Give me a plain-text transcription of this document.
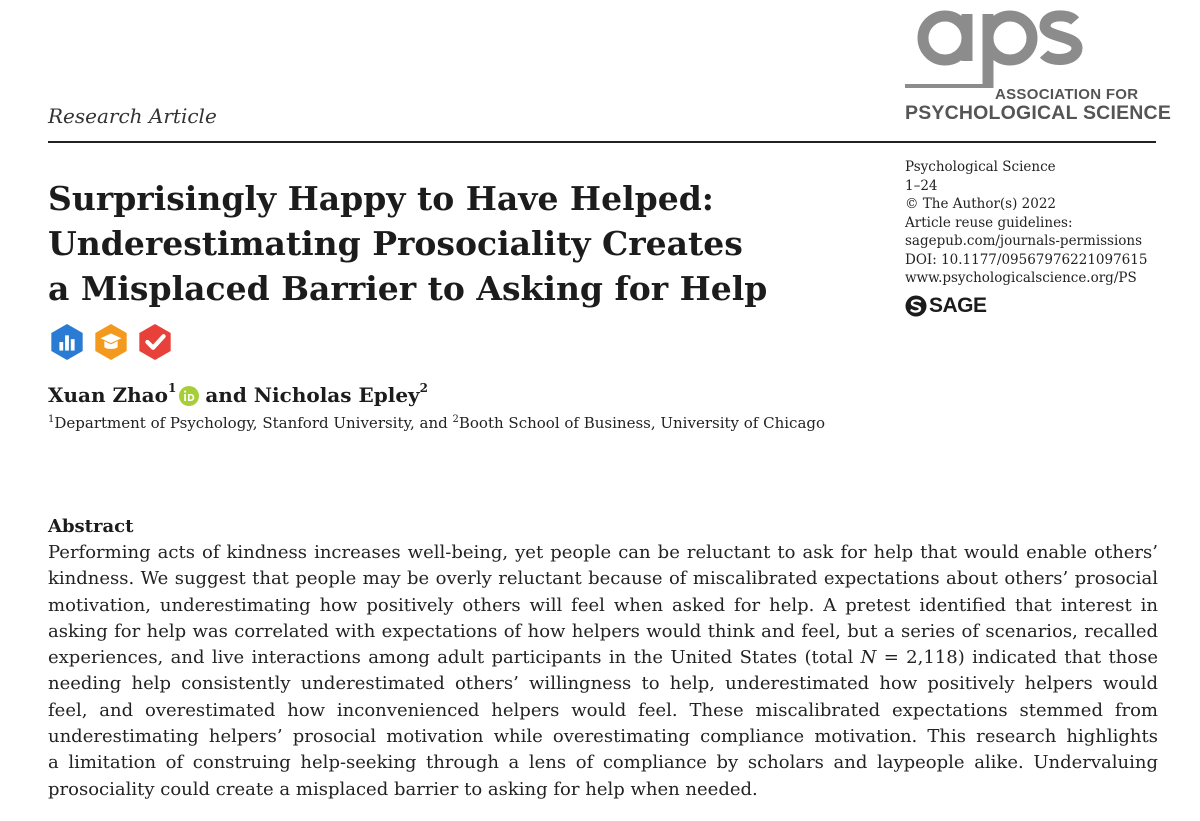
Research Article
ASSOCIATION FOR
PSYCHOLOGICAL SCIENCE
Surprisingly Happy to Have Helped:
Underestimating Prosociality Creates
a Misplaced Barrier to Asking for Help
Psychological Science
1–24
© The Author(s) 2022
Article reuse guidelines:
sagepub.com/journals-permissions
DOI: 10.1177/09567976221097615
www.psychologicalscience.org/PS
SAGE
Xuan Zhao$^1$ and Nicholas Epley$^2$
$^1$Department of Psychology, Stanford University, and $^2$Booth School of Business, University of Chicago
Abstract
Performing acts of kindness increases well-being, yet people can be reluctant to ask for help that would enable others’
kindness. We suggest that people may be overly reluctant because of miscalibrated expectations about others’ prosocial
motivation, underestimating how positively others will feel when asked for help. A pretest identified that interest in
asking for help was correlated with expectations of how helpers would think and feel, but a series of scenarios, recalled
experiences, and live interactions among adult participants in the United States (total N = 2,118) indicated that those
needing help consistently underestimated others’ willingness to help, underestimated how positively helpers would
feel, and overestimated how inconvenienced helpers would feel. These miscalibrated expectations stemmed from
underestimating helpers’ prosocial motivation while overestimating compliance motivation. This research highlights
a limitation of construing help-seeking through a lens of compliance by scholars and laypeople alike. Undervaluing
prosociality could create a misplaced barrier to asking for help when needed.
